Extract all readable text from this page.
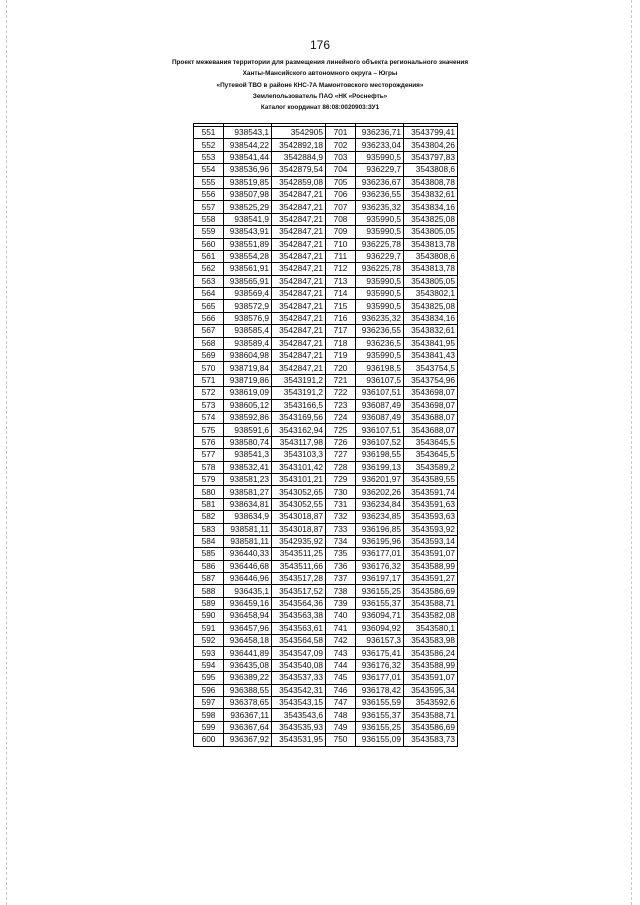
176
Проект межевания территории для размещения линейного объекта регионального значения
Ханты-Мансийского автономного округа – Югры
«Путевой ТВО в районе КНС-7А Мамонтовского месторождения»
Землепользователь ПАО «НК «Роснефть»
Каталог координат 86:08:0020903:ЗУ1

551	938543,1	3542905	701	936236,71	3543799,41
552	938544,22	3542892,18	702	936233,04	3543804,26
553	938541,44	3542884,9	703	935990,5	3543797,83
554	938536,96	3542879,54	704	936229,7	3543808,6
555	938519,85	3542859,08	705	936236,67	3543808,78
556	938507,98	3542847,21	706	936236,55	3543832,61
557	938525,29	3542847,21	707	936235,32	3543834,16
558	938541,9	3542847,21	708	935990,5	3543825,08
559	938543,91	3542847,21	709	935990,5	3543805,05
560	938551,89	3542847,21	710	936225,78	3543813,78
561	938554,28	3542847,21	711	936229,7	3543808,6
562	938561,91	3542847,21	712	936225,78	3543813,78
563	938565,91	3542847,21	713	935990,5	3543805,05
564	938569,4	3542847,21	714	935990,5	3543802,1
565	938572,9	3542847,21	715	935990,5	3543825,08
566	938576,9	3542847,21	716	936235,32	3543834,16
567	938585,4	3542847,21	717	936236,55	3543832,61
568	938589,4	3542847,21	718	936236,5	3543841,95
569	938604,98	3542847,21	719	935990,5	3543841,43
570	938719,84	3542847,21	720	936198,5	3543754,5
571	938719,86	3543191,2	721	936107,5	3543754,96
572	938619,09	3543191,2	722	936107,51	3543698,07
573	938605,12	3543166,5	723	936087,49	3543698,07
574	938592,86	3543169,56	724	936087,49	3543688,07
575	938591,6	3543162,94	725	936107,51	3543688,07
576	938580,74	3543117,98	726	936107,52	3543645,5
577	938541,3	3543103,3	727	936198,55	3543645,5
578	938532,41	3543101,42	728	936199,13	3543589,2
579	938581,23	3543101,21	729	936201,97	3543589,55
580	938581,27	3543052,65	730	936202,26	3543591,74
581	938634,81	3543052,55	731	936234,84	3543591,63
582	938634,9	3543018,87	732	936234,85	3543593,63
583	938581,11	3543018,87	733	936196,85	3543593,92
584	938581,11	3542935,92	734	936195,96	3543593,14
585	936440,33	3543511,25	735	936177,01	3543591,07
586	936446,68	3543511,66	736	936176,32	3543588,99
587	936446,96	3543517,28	737	936197,17	3543591,27
588	936435,1	3543517,52	738	936155,25	3543586,69
589	936459,16	3543564,36	739	936155,37	3543588,71
590	936458,94	3543563,38	740	936094,71	3543582,08
591	936457,96	3543563,61	741	936094,92	3543580,1
592	936458,18	3543564,58	742	936157,3	3543583,98
593	936441,89	3543547,09	743	936175,41	3543586,24
594	936435,08	3543540,08	744	936176,32	3543588,99
595	936389,22	3543537,33	745	936177,01	3543591,07
596	936388,55	3543542,31	746	936178,42	3543595,34
597	936378,65	3543543,15	747	936155,59	3543592,6
598	936367,11	3543543,6	748	936155,37	3543588,71
599	936367,64	3543535,93	749	936155,25	3543586,69
600	936367,92	3543531,95	750	936155,09	3543583,73
